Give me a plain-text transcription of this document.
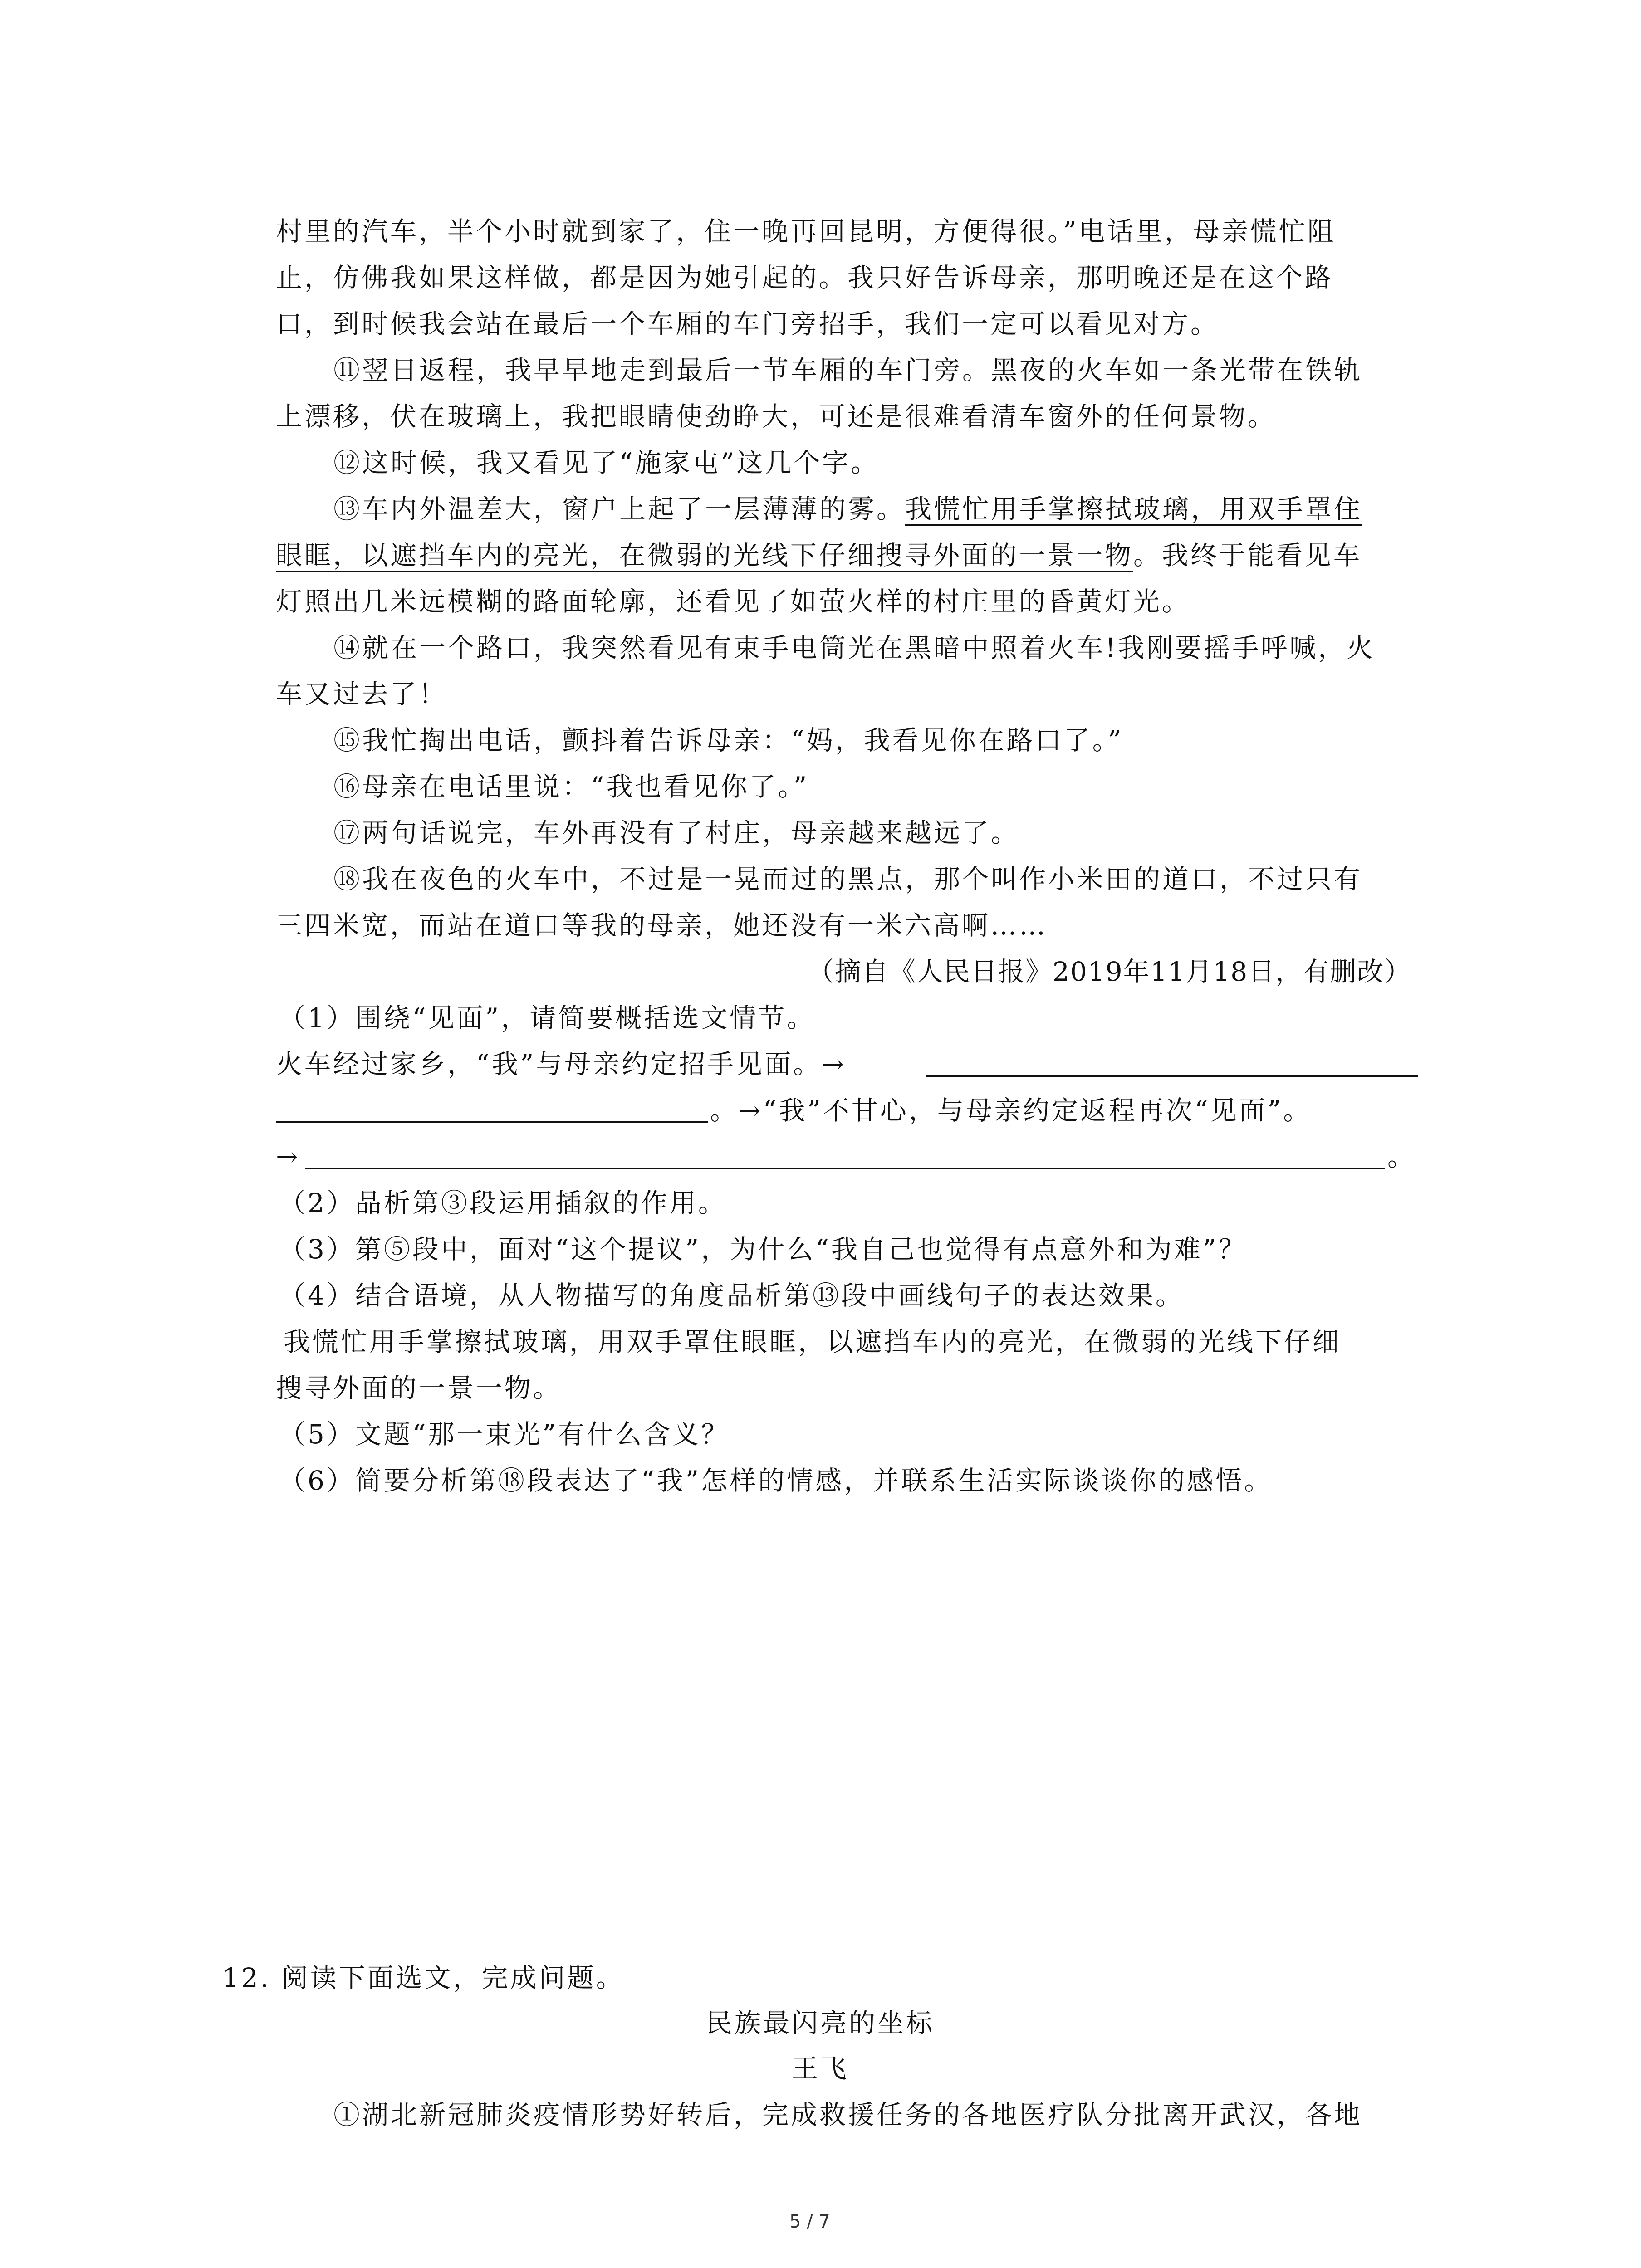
村里的汽车，半个小时就到家了，住一晚再回昆明，方便得很。”电话里，母亲慌忙阻
止，仿佛我如果这样做，都是因为她引起的。我只好告诉母亲，那明晚还是在这个路
口，到时候我会站在最后一个车厢的车门旁招手，我们一定可以看见对方。
⑪翌日返程，我早早地走到最后一节车厢的车门旁。黑夜的火车如一条光带在铁轨
上漂移，伏在玻璃上，我把眼睛使劲睁大，可还是很难看清车窗外的任何景物。
⑫这时候，我又看见了“施家屯”这几个字。
⑬车内外温差大，窗户上起了一层薄薄的雾。我慌忙用手掌擦拭玻璃，用双手罩住
眼眶，以遮挡车内的亮光，在微弱的光线下仔细搜寻外面的一景一物。我终于能看见车
灯照出几米远模糊的路面轮廓，还看见了如萤火样的村庄里的昏黄灯光。
⑭就在一个路口，我突然看见有束手电筒光在黑暗中照着火车!我刚要摇手呼喊，火
车又过去了！
⑮我忙掏出电话，颤抖着告诉母亲：“妈，我看见你在路口了。”
⑯母亲在电话里说：“我也看见你了。”
⑰两句话说完，车外再没有了村庄，母亲越来越远了。
⑱我在夜色的火车中，不过是一晃而过的黑点，那个叫作小米田的道口，不过只有
三四米宽，而站在道口等我的母亲，她还没有一米六高啊……
（摘自《人民日报》2019年11月18日，有删改）
（1）围绕“见面”，请简要概括选文情节。
火车经过家乡，“我”与母亲约定招手见面。→
。→“我”不甘心，与母亲约定返程再次“见面”。
→	。
（2）品析第③段运用插叙的作用。
（3）第⑤段中，面对“这个提议”，为什么“我自己也觉得有点意外和为难”？
（4）结合语境，从人物描写的角度品析第⑬段中画线句子的表达效果。
我慌忙用手掌擦拭玻璃，用双手罩住眼眶，以遮挡车内的亮光，在微弱的光线下仔细
搜寻外面的一景一物。
（5）文题“那一束光”有什么含义？
（6）简要分析第⑱段表达了“我”怎样的情感，并联系生活实际谈谈你的感悟。
12. 阅读下面选文，完成问题。
民族最闪亮的坐标
王飞
①湖北新冠肺炎疫情形势好转后，完成救援任务的各地医疗队分批离开武汉，各地
5 / 7
